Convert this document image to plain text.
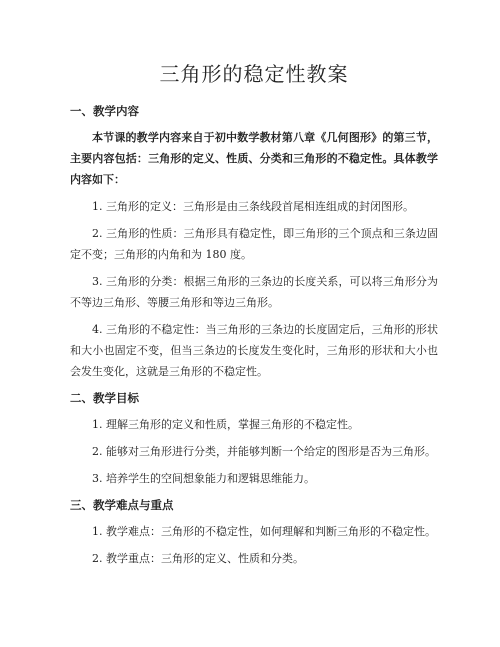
三角形的稳定性教案
一、教学内容

本节课的教学内容来自于初中数学教材第八章《几何图形》的第三节，主要内容包括：三角形的定义、性质、分类和三角形的不稳定性。具体教学内容如下：

1. 三角形的定义：三角形是由三条线段首尾相连组成的封闭图形。

2. 三角形的性质：三角形具有稳定性，即三角形的三个顶点和三条边固定不变；三角形的内角和为 180 度。

3. 三角形的分类：根据三角形的三条边的长度关系，可以将三角形分为不等边三角形、等腰三角形和等边三角形。

4. 三角形的不稳定性：当三角形的三条边的长度固定后，三角形的形状和大小也固定不变，但当三条边的长度发生变化时，三角形的形状和大小也会发生变化，这就是三角形的不稳定性。

二、教学目标

1. 理解三角形的定义和性质，掌握三角形的不稳定性。

2. 能够对三角形进行分类，并能够判断一个给定的图形是否为三角形。

3. 培养学生的空间想象能力和逻辑思维能力。

三、教学难点与重点

1. 教学难点：三角形的不稳定性，如何理解和判断三角形的不稳定性。

2. 教学重点：三角形的定义、性质和分类。
